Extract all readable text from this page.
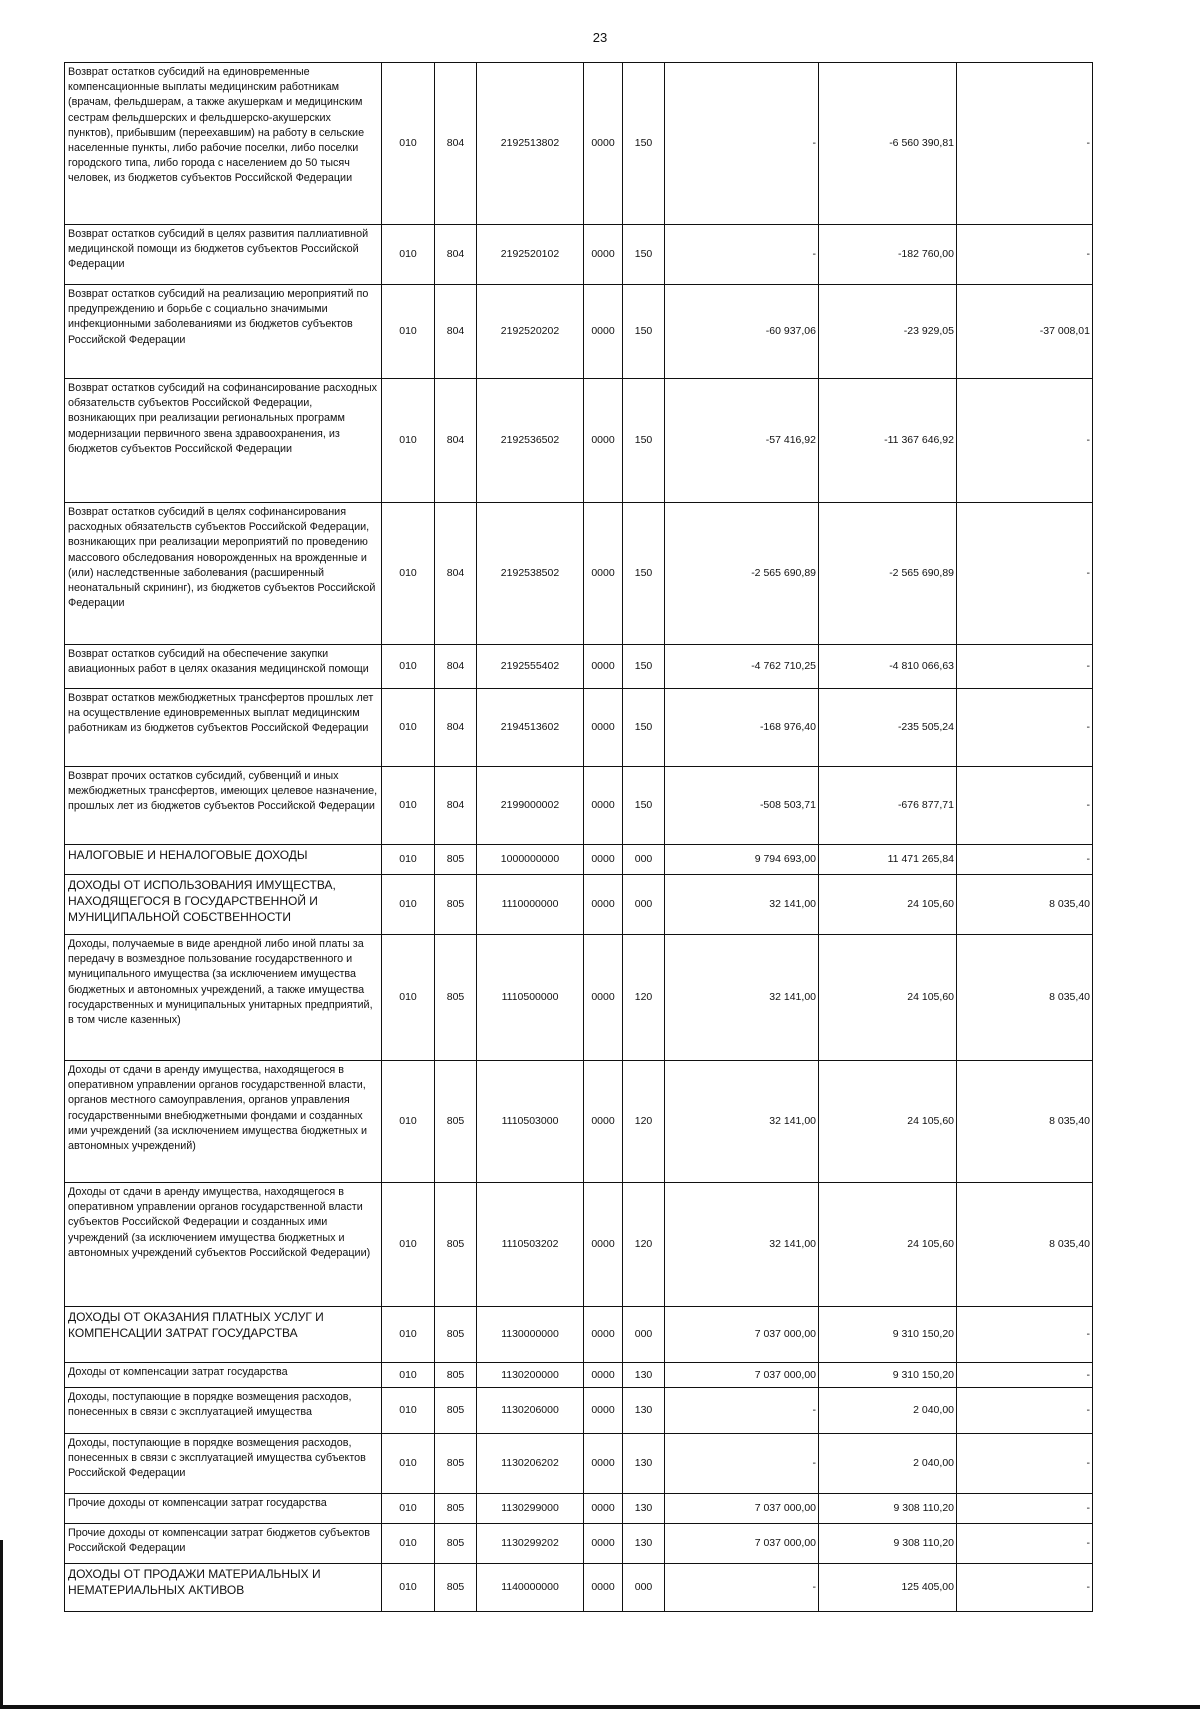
23
Возврат остатков субсидий на единовременные компенсационные выплаты медицинским работникам (врачам, фельдшерам, а также акушеркам и медицинским сестрам фельдшерских и фельдшерско-акушерских пунктов), прибывшим (переехавшим) на работу в сельские населенные пункты, либо рабочие поселки, либо поселки городского типа, либо города с населением до 50 тысяч человек, из бюджетов субъектов Российской Федерации	010	804	2192513802	0000	150	-	-6 560 390,81	-
Возврат остатков субсидий в целях развития паллиативной медицинской помощи из бюджетов субъектов Российской Федерации	010	804	2192520102	0000	150	-	-182 760,00	-
Возврат остатков субсидий на реализацию мероприятий по предупреждению и борьбе с социально значимыми инфекционными заболеваниями из бюджетов субъектов Российской Федерации	010	804	2192520202	0000	150	-60 937,06	-23 929,05	-37 008,01
Возврат остатков субсидий на софинансирование расходных обязательств субъектов Российской Федерации, возникающих при реализации региональных программ модернизации первичного звена здравоохранения, из бюджетов субъектов Российской Федерации	010	804	2192536502	0000	150	-57 416,92	-11 367 646,92	-
Возврат остатков субсидий в целях софинансирования расходных обязательств субъектов Российской Федерации, возникающих при реализации мероприятий по проведению массового обследования новорожденных на врожденные и (или) наследственные заболевания (расширенный неонатальный скрининг), из бюджетов субъектов Российской Федерации	010	804	2192538502	0000	150	-2 565 690,89	-2 565 690,89	-
Возврат остатков субсидий на обеспечение закупки авиационных работ в целях оказания медицинской помощи	010	804	2192555402	0000	150	-4 762 710,25	-4 810 066,63	-
Возврат остатков межбюджетных трансфертов прошлых лет на осуществление единовременных выплат медицинским работникам из бюджетов субъектов Российской Федерации	010	804	2194513602	0000	150	-168 976,40	-235 505,24	-
Возврат прочих остатков субсидий, субвенций и иных межбюджетных трансфертов, имеющих целевое назначение, прошлых лет из бюджетов субъектов Российской Федерации	010	804	2199000002	0000	150	-508 503,71	-676 877,71	-
НАЛОГОВЫЕ И НЕНАЛОГОВЫЕ ДОХОДЫ	010	805	1000000000	0000	000	9 794 693,00	11 471 265,84	-
ДОХОДЫ ОТ ИСПОЛЬЗОВАНИЯ ИМУЩЕСТВА, НАХОДЯЩЕГОСЯ В ГОСУДАРСТВЕННОЙ И МУНИЦИПАЛЬНОЙ СОБСТВЕННОСТИ	010	805	1110000000	0000	000	32 141,00	24 105,60	8 035,40
Доходы, получаемые в виде арендной либо иной платы за передачу в возмездное пользование государственного и муниципального имущества (за исключением имущества бюджетных и автономных учреждений, а также имущества государственных и муниципальных унитарных предприятий, в том числе казенных)	010	805	1110500000	0000	120	32 141,00	24 105,60	8 035,40
Доходы от сдачи в аренду имущества, находящегося в оперативном управлении органов государственной власти, органов местного самоуправления, органов управления государственными внебюджетными фондами и созданных ими учреждений (за исключением имущества бюджетных и автономных учреждений)	010	805	1110503000	0000	120	32 141,00	24 105,60	8 035,40
Доходы от сдачи в аренду имущества, находящегося в оперативном управлении органов государственной власти субъектов Российской Федерации и созданных ими учреждений (за исключением имущества бюджетных и автономных учреждений субъектов Российской Федерации)	010	805	1110503202	0000	120	32 141,00	24 105,60	8 035,40
ДОХОДЫ ОТ ОКАЗАНИЯ ПЛАТНЫХ УСЛУГ И КОМПЕНСАЦИИ ЗАТРАТ ГОСУДАРСТВА	010	805	1130000000	0000	000	7 037 000,00	9 310 150,20	-
Доходы от компенсации затрат государства	010	805	1130200000	0000	130	7 037 000,00	9 310 150,20	-
Доходы, поступающие в порядке возмещения расходов, понесенных в связи с эксплуатацией имущества	010	805	1130206000	0000	130	-	2 040,00	-
Доходы, поступающие в порядке возмещения расходов, понесенных в связи с эксплуатацией имущества субъектов Российской Федерации	010	805	1130206202	0000	130	-	2 040,00	-
Прочие доходы от компенсации затрат государства	010	805	1130299000	0000	130	7 037 000,00	9 308 110,20	-
Прочие доходы от компенсации затрат бюджетов субъектов Российской Федерации	010	805	1130299202	0000	130	7 037 000,00	9 308 110,20	-
ДОХОДЫ ОТ ПРОДАЖИ МАТЕРИАЛЬНЫХ И НЕМАТЕРИАЛЬНЫХ АКТИВОВ	010	805	1140000000	0000	000	-	125 405,00	-
